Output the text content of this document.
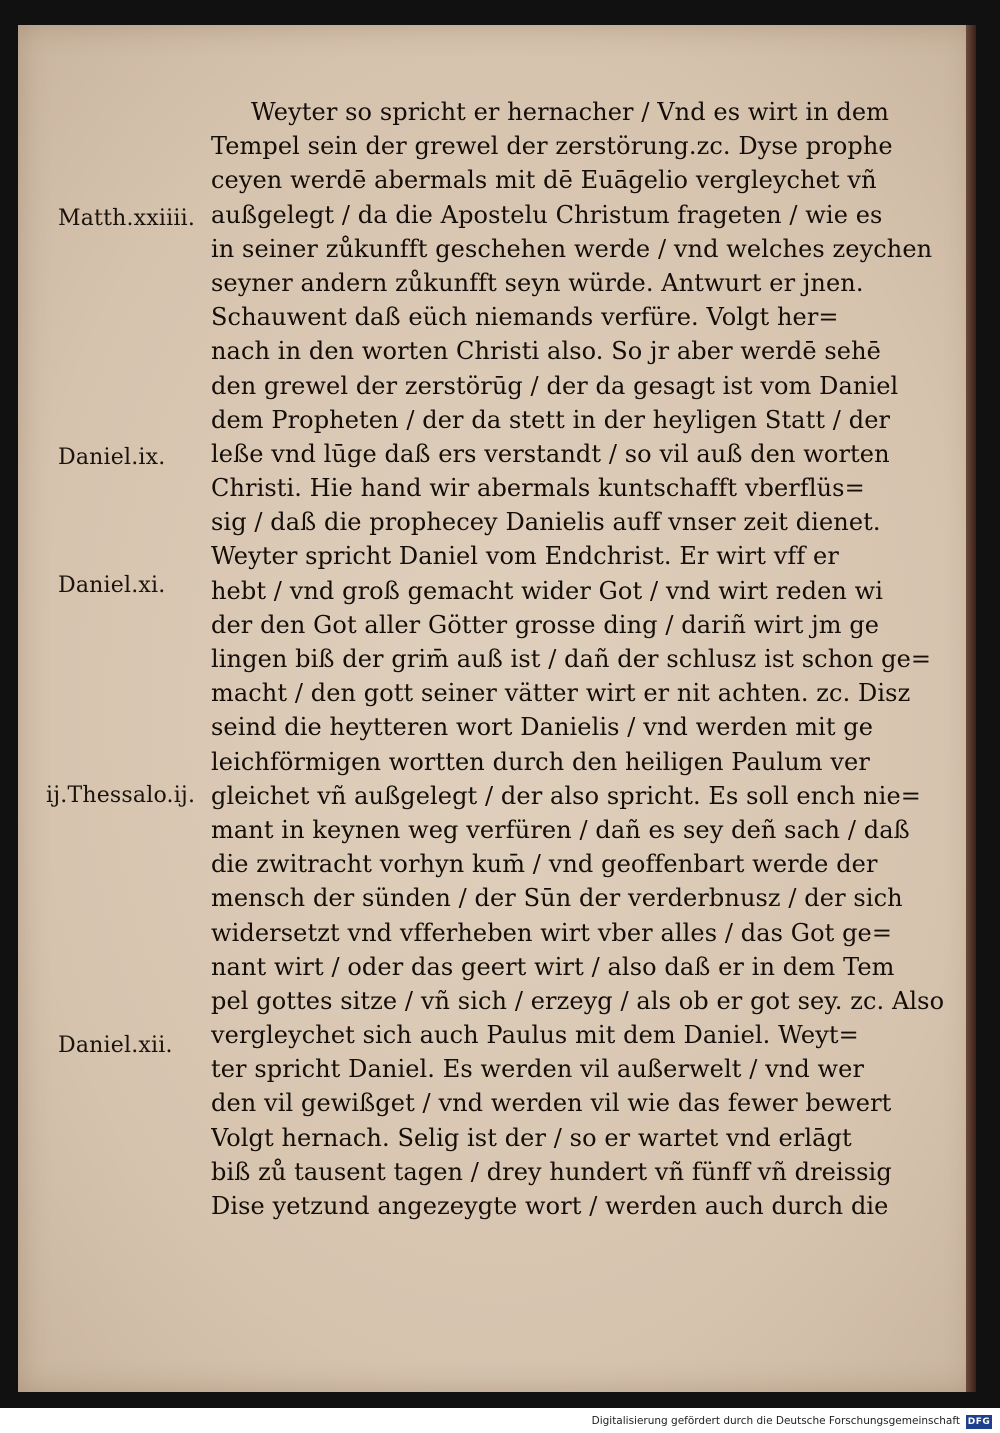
Matth.xxiiii.
Daniel.ix.
Daniel.xi.
ij.Thessalo.ij.
Daniel.xii.
Weyter so spricht er hernacher / Vnd es wirt in dem
Tempel sein der grewel der zerstörung.zc. Dyse prophe
ceyen werdē abermals mit dē Euāgelio vergleychet vñ
außgelegt / da die Apostelu Christum frageten / wie es
in seiner zůkunfft geschehen werde / vnd welches zeychen
seyner andern zůkunfft seyn würde. Antwurt er jnen.
Schauwent daß eüch niemands verfüre. Volgt her=
nach in den worten Christi also. So jr aber werdē sehē
den grewel der zerstörūg / der da gesagt ist vom Daniel
dem Propheten / der da stett in der heyligen Statt / der
leße vnd lūge daß ers verstandt / so vil auß den worten
Christi. Hie hand wir abermals kuntschafft vberflüs=
sig / daß die prophecey Danielis auff vnser zeit dienet.
Weyter spricht Daniel vom Endchrist. Er wirt vff er
hebt / vnd groß gemacht wider Got / vnd wirt reden wi
der den Got aller Götter grosse ding / dariñ wirt jm ge
lingen biß der grim̄ auß ist / dañ der schlusz ist schon ge=
macht / den gott seiner vätter wirt er nit achten. zc. Disz
seind die heytteren wort Danielis / vnd werden mit ge
leichförmigen wortten durch den heiligen Paulum ver
gleichet vñ außgelegt / der also spricht. Es soll ench nie=
mant in keynen weg verfüren / dañ es sey deñ sach / daß
die zwitracht vorhyn kum̄ / vnd geoffenbart werde der
mensch der sünden / der Sūn der verderbnusz / der sich
widersetzt vnd vfferheben wirt vber alles / das Got ge=
nant wirt / oder das geert wirt / also daß er in dem Tem
pel gottes sitze / vñ sich / erzeyg / als ob er got sey. zc. Also
vergleychet sich auch Paulus mit dem Daniel. Weyt=
ter spricht Daniel. Es werden vil außerwelt / vnd wer
den vil gewißget / vnd werden vil wie das fewer bewert
Volgt hernach. Selig ist der / so er wartet vnd erlāgt
biß zů tausent tagen / drey hundert vñ fünff vñ dreissig
Dise yetzund angezeygte wort / werden auch durch die
Digitalisierung gefördert durch die Deutsche Forschungsgemeinschaft DFG
